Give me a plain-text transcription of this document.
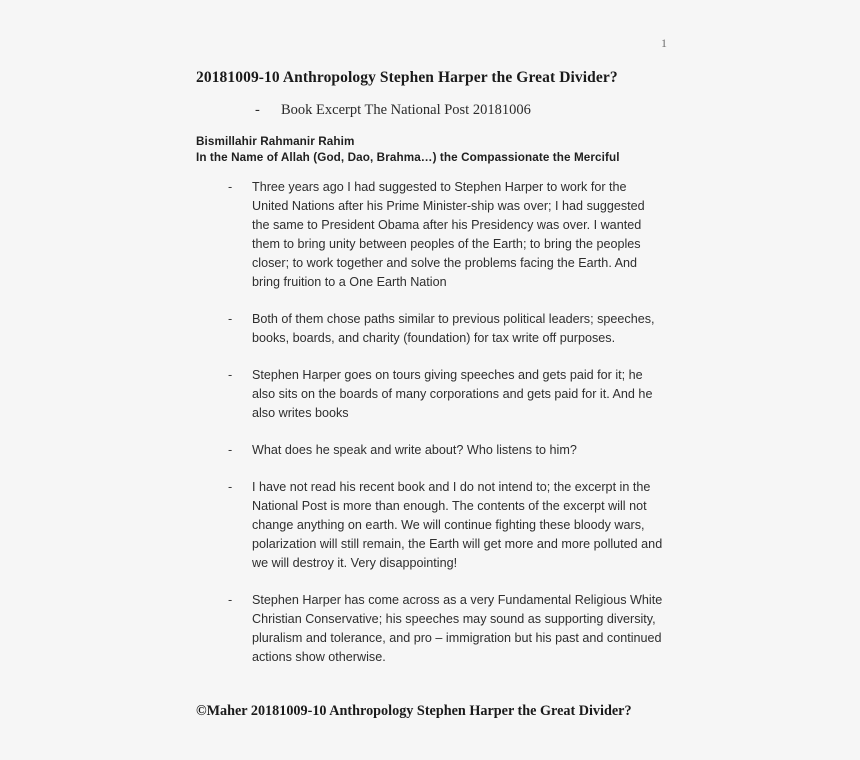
1
20181009-10 Anthropology Stephen Harper the Great Divider?
-	Book Excerpt The National Post 20181006
Bismillahir Rahmanir Rahim
In the Name of Allah (God, Dao, Brahma…) the Compassionate the Merciful
-	Three years ago I had suggested to Stephen Harper to work for the United Nations after his Prime Minister-ship was over; I had suggested the same to President Obama after his Presidency was over. I wanted them to bring unity between peoples of the Earth; to bring the peoples closer; to work together and solve the problems facing the Earth. And bring fruition to a One Earth Nation
-	Both of them chose paths similar to previous political leaders; speeches, books, boards, and charity (foundation) for tax write off purposes.
-	Stephen Harper goes on tours giving speeches and gets paid for it; he also sits on the boards of many corporations and gets paid for it. And he also writes books
-	What does he speak and write about? Who listens to him?
-	I have not read his recent book and I do not intend to; the excerpt in the National Post is more than enough. The contents of the excerpt will not change anything on earth. We will continue fighting these bloody wars, polarization will still remain, the Earth will get more and more polluted and we will destroy it. Very disappointing!
-	Stephen Harper has come across as a very Fundamental Religious White Christian Conservative; his speeches may sound as supporting diversity, pluralism and tolerance, and pro – immigration but his past and continued actions show otherwise.
©Maher 20181009-10 Anthropology Stephen Harper the Great Divider?
